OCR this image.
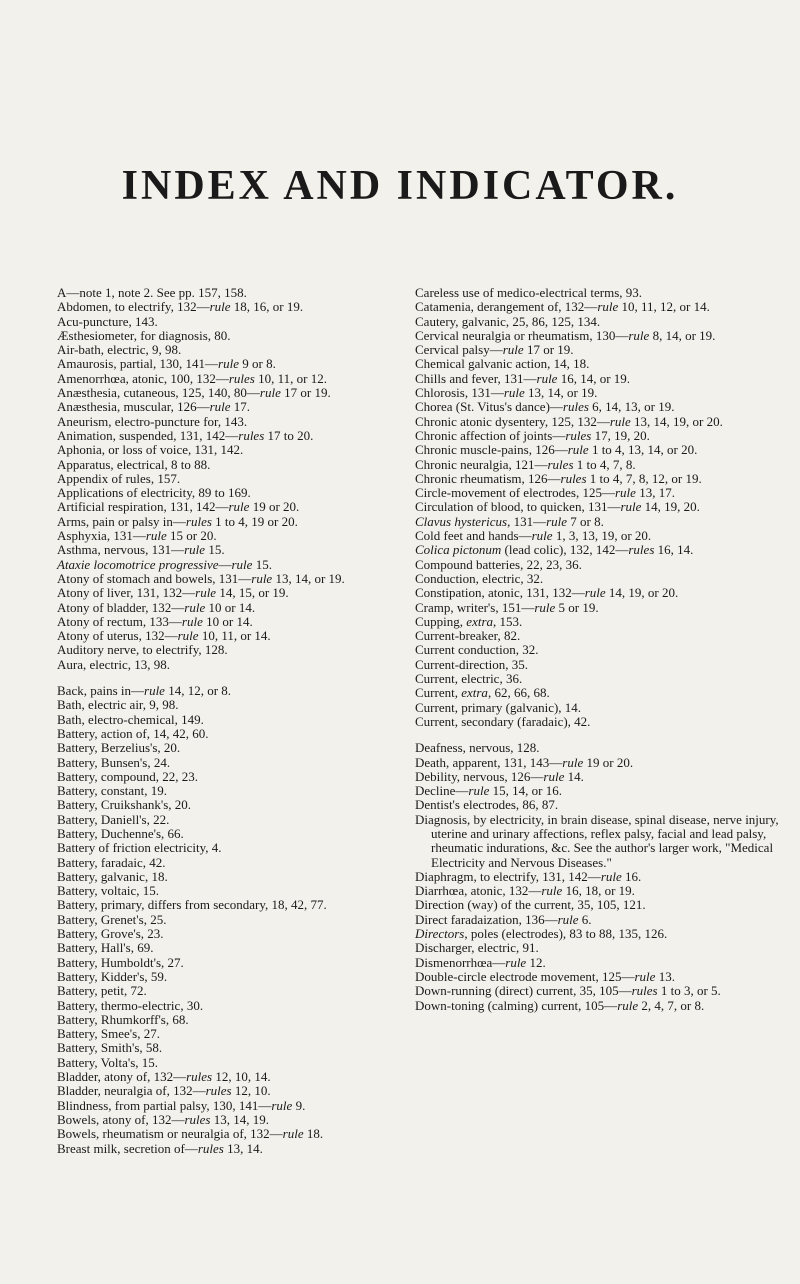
INDEX AND INDICATOR.
A—note 1, note 2. See pp. 157, 158.
Abdomen, to electrify, 132—rule 18, 16, or 19.
Acu-puncture, 143.
Æsthesiometer, for diagnosis, 80.
Air-bath, electric, 9, 98.
Amaurosis, partial, 130, 141—rule 9 or 8.
Amenorrhœa, atonic, 100, 132—rules 10, 11, or 12.
Anæsthesia, cutaneous, 125, 140, 80—rule 17 or 19.
Anæsthesia, muscular, 126—rule 17.
Aneurism, electro-puncture for, 143.
Animation, suspended, 131, 142—rules 17 to 20.
Aphonia, or loss of voice, 131, 142.
Apparatus, electrical, 8 to 88.
Appendix of rules, 157.
Applications of electricity, 89 to 169.
Artificial respiration, 131, 142—rule 19 or 20.
Arms, pain or palsy in—rules 1 to 4, 19 or 20.
Asphyxia, 131—rule 15 or 20.
Asthma, nervous, 131—rule 15.
Ataxie locomotrice progressive—rule 15.
Atony of stomach and bowels, 131—rule 13, 14, or 19.
Atony of liver, 131, 132—rule 14, 15, or 19.
Atony of bladder, 132—rule 10 or 14.
Atony of rectum, 133—rule 10 or 14.
Atony of uterus, 132—rule 10, 11, or 14.
Auditory nerve, to electrify, 128.
Aura, electric, 13, 98.
Back, pains in—rule 14, 12, or 8.
Bath, electric air, 9, 98.
Bath, electro-chemical, 149.
Battery, action of, 14, 42, 60.
Battery, Berzelius's, 20.
Battery, Bunsen's, 24.
Battery, compound, 22, 23.
Battery, constant, 19.
Battery, Cruikshank's, 20.
Battery, Daniell's, 22.
Battery, Duchenne's, 66.
Battery of friction electricity, 4.
Battery, faradaic, 42.
Battery, galvanic, 18.
Battery, voltaic, 15.
Battery, primary, differs from secondary, 18, 42, 77.
Battery, Grenet's, 25.
Battery, Grove's, 23.
Battery, Hall's, 69.
Battery, Humboldt's, 27.
Battery, Kidder's, 59.
Battery, petit, 72.
Battery, thermo-electric, 30.
Battery, Rhumkorff's, 68.
Battery, Smee's, 27.
Battery, Smith's, 58.
Battery, Volta's, 15.
Bladder, atony of, 132—rules 12, 10, 14.
Bladder, neuralgia of, 132—rules 12, 10.
Blindness, from partial palsy, 130, 141—rule 9.
Bowels, atony of, 132—rules 13, 14, 19.
Bowels, rheumatism or neuralgia of, 132—rule 18.
Breast milk, secretion of—rules 13, 14.
Careless use of medico-electrical terms, 93.
Catamenia, derangement of, 132—rule 10, 11, 12, or 14.
Cautery, galvanic, 25, 86, 125, 134.
Cervical neuralgia or rheumatism, 130—rule 8, 14, or 19.
Cervical palsy—rule 17 or 19.
Chemical galvanic action, 14, 18.
Chills and fever, 131—rule 16, 14, or 19.
Chlorosis, 131—rule 13, 14, or 19.
Chorea (St. Vitus's dance)—rules 6, 14, 13, or 19.
Chronic atonic dysentery, 125, 132—rule 13, 14, 19, or 20.
Chronic affection of joints—rules 17, 19, 20.
Chronic muscle-pains, 126—rule 1 to 4, 13, 14, or 20.
Chronic neuralgia, 121—rules 1 to 4, 7, 8.
Chronic rheumatism, 126—rules 1 to 4, 7, 8, 12, or 19.
Circle-movement of electrodes, 125—rule 13, 17.
Circulation of blood, to quicken, 131—rule 14, 19, 20.
Clavus hystericus, 131—rule 7 or 8.
Cold feet and hands—rule 1, 3, 13, 19, or 20.
Colica pictonum (lead colic), 132, 142—rules 16, 14.
Compound batteries, 22, 23, 36.
Conduction, electric, 32.
Constipation, atonic, 131, 132—rule 14, 19, or 20.
Cramp, writer's, 151—rule 5 or 19.
Cupping, extra, 153.
Current-breaker, 82.
Current conduction, 32.
Current-direction, 35.
Current, electric, 36.
Current, extra, 62, 66, 68.
Current, primary (galvanic), 14.
Current, secondary (faradaic), 42.
Deafness, nervous, 128.
Death, apparent, 131, 143—rule 19 or 20.
Debility, nervous, 126—rule 14.
Decline—rule 15, 14, or 16.
Dentist's electrodes, 86, 87.
Diagnosis, by electricity, in brain disease, spinal disease, nerve injury, uterine and urinary affections, reflex palsy, facial and lead palsy, rheumatic indurations, &c. See the author's larger work, "Medical Electricity and Nervous Diseases."
Diaphragm, to electrify, 131, 142—rule 16.
Diarrhœa, atonic, 132—rule 16, 18, or 19.
Direction (way) of the current, 35, 105, 121.
Direct faradaization, 136—rule 6.
Directors, poles (electrodes), 83 to 88, 135, 126.
Discharger, electric, 91.
Dismenorrhœa—rule 12.
Double-circle electrode movement, 125—rule 13.
Down-running (direct) current, 35, 105—rules 1 to 3, or 5.
Down-toning (calming) current, 105—rule 2, 4, 7, or 8.
